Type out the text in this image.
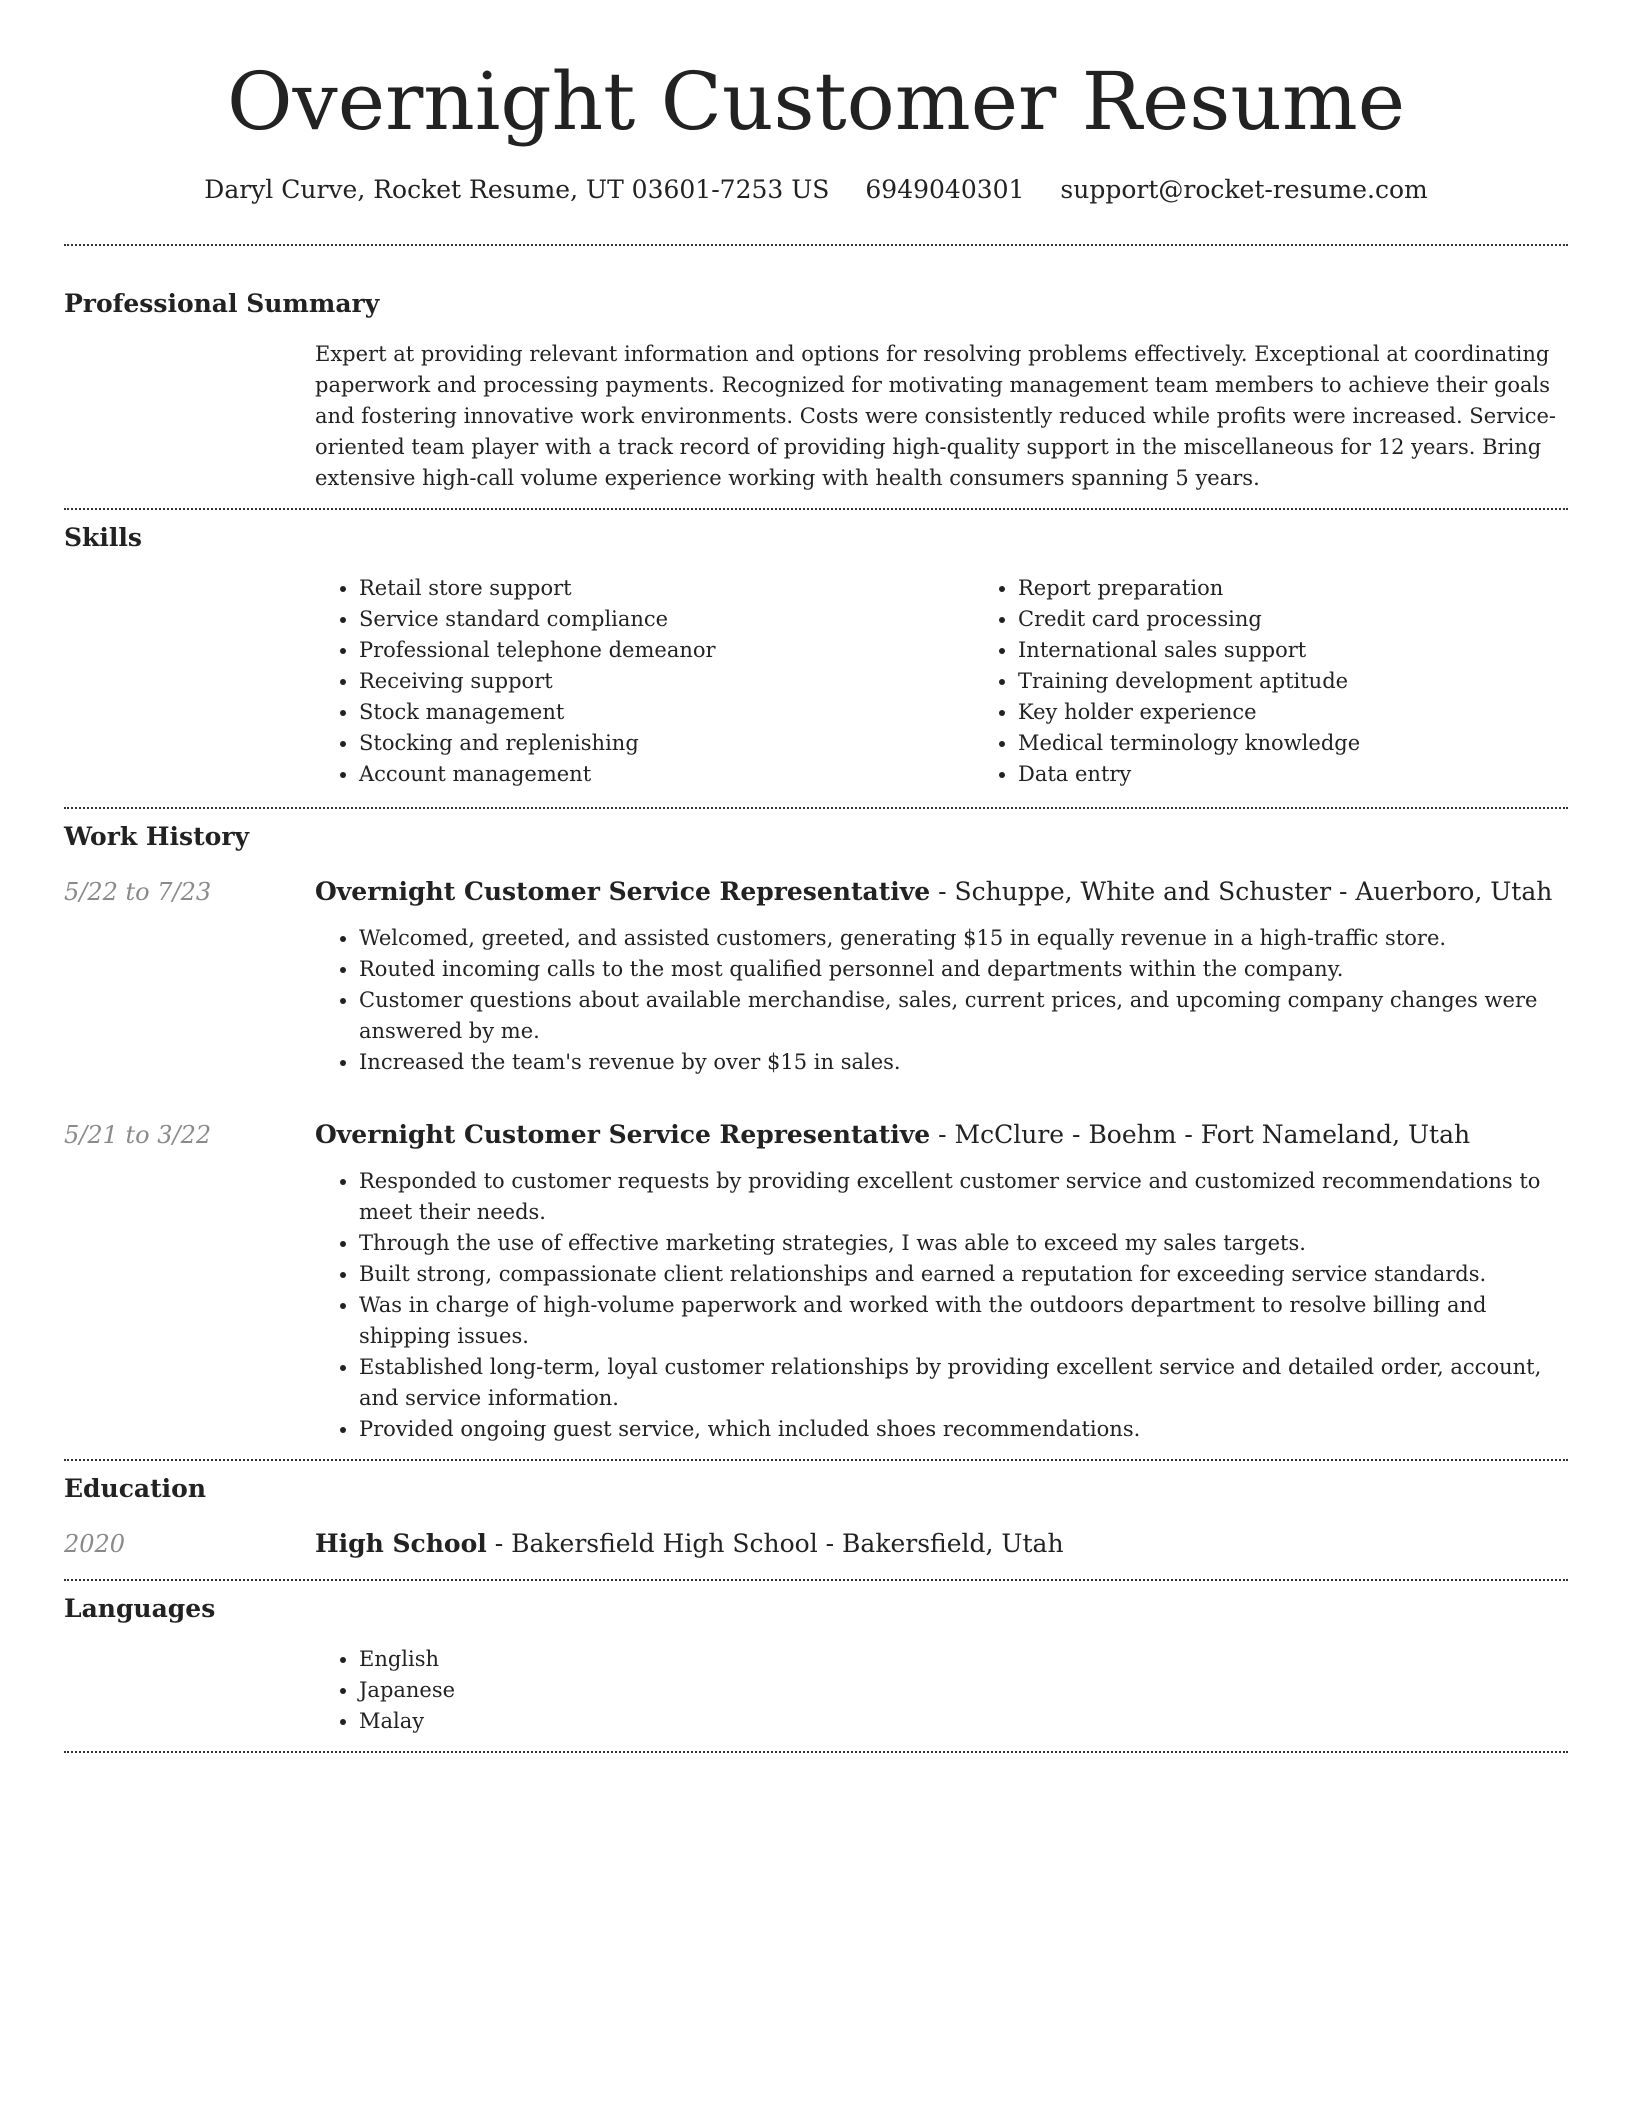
Overnight Customer Resume
Daryl Curve, Rocket Resume, UT 03601-7253 US 6949040301 support@rocket-resume.com
Professional Summary

Expert at providing relevant information and options for resolving problems effectively. Exceptional at coordinating paperwork and processing payments. Recognized for motivating management team members to achieve their goals and fostering innovative work environments. Costs were consistently reduced while profits were increased. Service-oriented team player with a track record of providing high-quality support in the miscellaneous for 12 years. Bring extensive high-call volume experience working with health consumers spanning 5 years.

Skills
• Retail store support
• Service standard compliance
• Professional telephone demeanor
• Receiving support
• Stock management
• Stocking and replenishing
• Account management
• Report preparation
• Credit card processing
• International sales support
• Training development aptitude
• Key holder experience
• Medical terminology knowledge
• Data entry
Work History
5/22 to 7/23	Overnight Customer Service Representative - Schuppe, White and Schuster - Auerboro, Utah

• Welcomed, greeted, and assisted customers, generating $15 in equally revenue in a high-traffic store.
• Routed incoming calls to the most qualified personnel and departments within the company.
• Customer questions about available merchandise, sales, current prices, and upcoming company changes were answered by me.
• Increased the team's revenue by over $15 in sales.
5/21 to 3/22	Overnight Customer Service Representative - McClure - Boehm - Fort Nameland, Utah

• Responded to customer requests by providing excellent customer service and customized recommendations to meet their needs.
• Through the use of effective marketing strategies, I was able to exceed my sales targets.
• Built strong, compassionate client relationships and earned a reputation for exceeding service standards.
• Was in charge of high-volume paperwork and worked with the outdoors department to resolve billing and shipping issues.
• Established long-term, loyal customer relationships by providing excellent service and detailed order, account, and service information.
• Provided ongoing guest service, which included shoes recommendations.
Education
2020	High School - Bakersfield High School - Bakersfield, Utah

Languages
• English
• Japanese
• Malay
